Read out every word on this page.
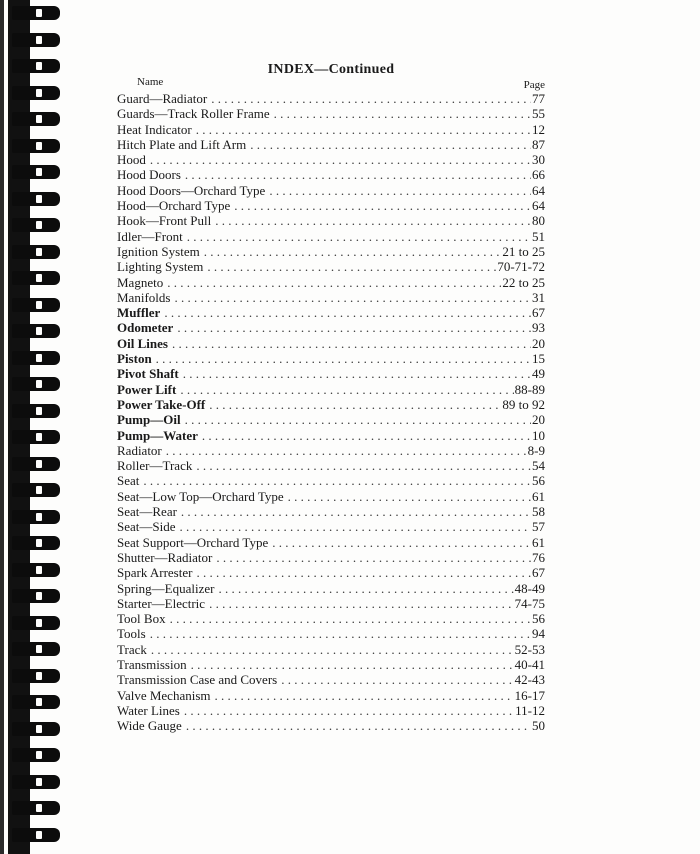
INDEX—Continued
Name	Page
Guard—Radiator . . .	77
Guards—Track Roller Frame . . .	55
Heat Indicator . . .	12
Hitch Plate and Lift Arm . . .	87
Hood . . .	30
Hood Doors . . .	66
Hood Doors—Orchard Type . . .	64
Hood—Orchard Type . . .	64
Hook—Front Pull . . .	80
Idler—Front . . .	51
Ignition System . . .	21 to 25
Lighting System . . .	70-71-72
Magneto . . .	22 to 25
Manifolds . . .	31
Muffler . . .	67
Odometer . . .	93
Oil Lines . . .	20
Piston . . .	15
Pivot Shaft . . .	49
Power Lift . . .	88-89
Power Take-Off . . .	89 to 92
Pump—Oil . . .	20
Pump—Water . . .	10
Radiator . . .	8-9
Roller—Track . . .	54
Seat . . .	56
Seat—Low Top—Orchard Type . . .	61
Seat—Rear . . .	58
Seat—Side . . .	57
Seat Support—Orchard Type . . .	61
Shutter—Radiator . . .	76
Spark Arrester . . .	67
Spring—Equalizer . . .	48-49
Starter—Electric . . .	74-75
Tool Box . . .	56
Tools . . .	94
Track . . .	52-53
Transmission . . .	40-41
Transmission Case and Covers . . .	42-43
Valve Mechanism . . .	16-17
Water Lines . . .	11-12
Wide Gauge . . .	50
